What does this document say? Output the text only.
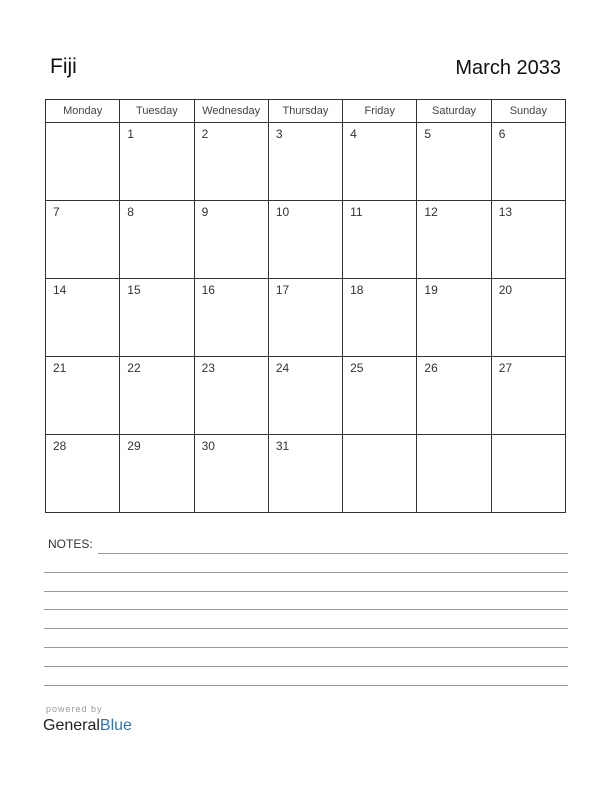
Fiji	March 2033
Monday	Tuesday	Wednesday	Thursday	Friday	Saturday	Sunday

	1	2	3	4	5	6

7	8	9	10	11	12	13

14	15	16	17	18	19	20

21	22	23	24	25	26	27

28	29	30	31			

NOTES:
powered by
GeneralBlue
